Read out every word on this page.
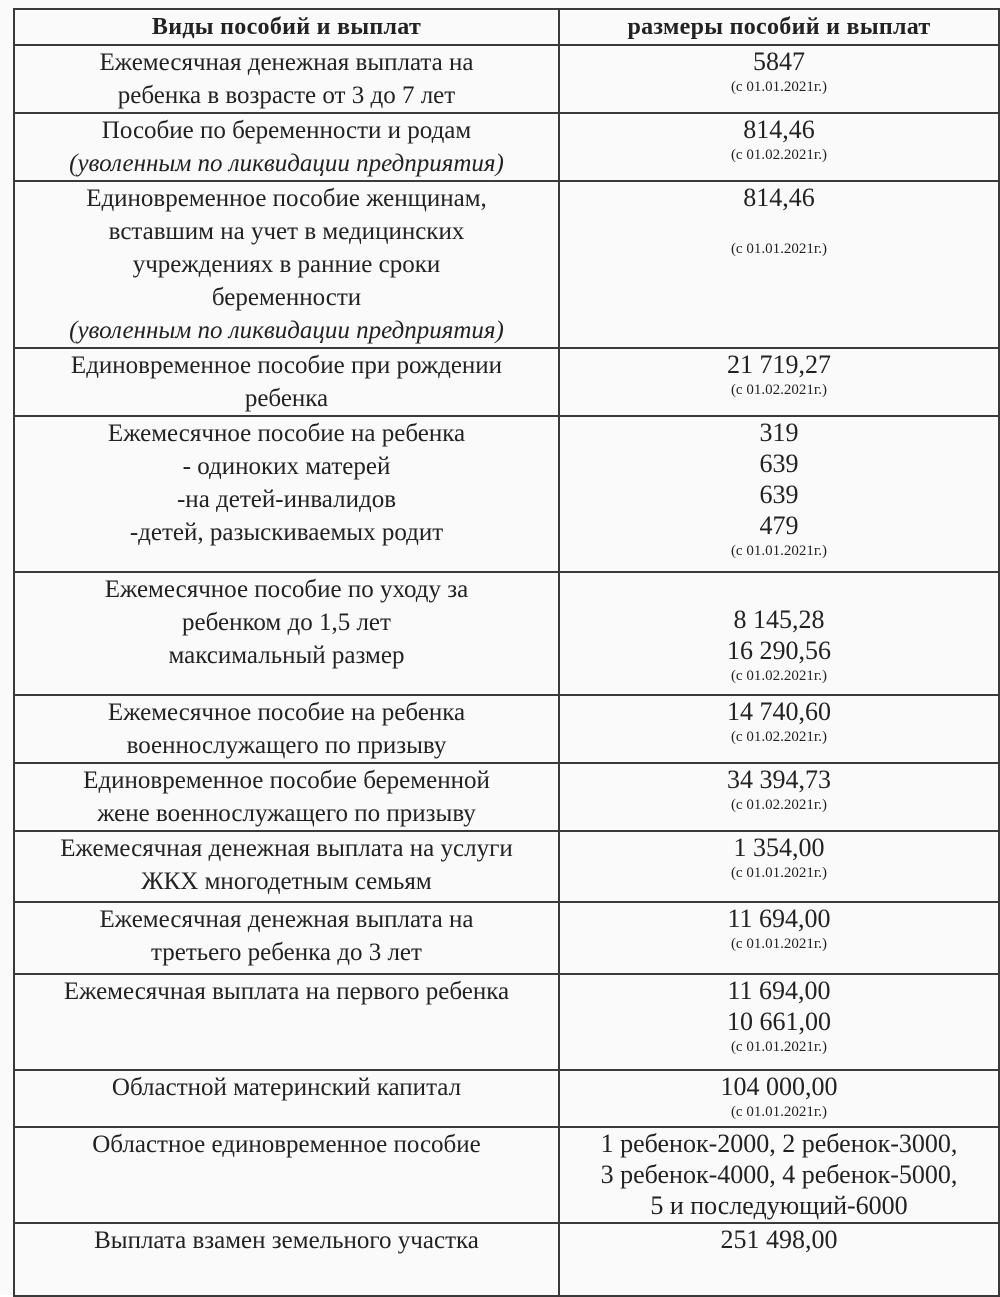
Виды пособий и выплат	размеры пособий и выплат

Ежемесячная денежная выплата на
ребенка в возрасте от 3 до 7 лет	5847
(с 01.01.2021г.)

Пособие по беременности и родам
(уволенным по ликвидации предприятия)	814,46
(с 01.02.2021г.)

Единовременное пособие женщинам,
вставшим на учет в медицинских
учреждениях в ранние сроки
беременности
(уволенным по ликвидации предприятия)	814,46

(с 01.01.2021г.)

Единовременное пособие при рождении
ребенка	21 719,27
(с 01.02.2021г.)

Ежемесячное пособие на ребенка
- одиноких матерей
-на детей-инвалидов
-детей, разыскиваемых родит	319
639
639
479
(с 01.01.2021г.)

Ежемесячное пособие по уходу за
ребенком до 1,5 лет
максимальный размер	8 145,28
16 290,56
(с 01.02.2021г.)

Ежемесячное пособие на ребенка
военнослужащего по призыву	14 740,60
(с 01.02.2021г.)

Единовременное пособие беременной
жене военнослужащего по призыву	34 394,73
(с 01.02.2021г.)

Ежемесячная денежная выплата на услуги
ЖКХ многодетным семьям	1 354,00
(с 01.01.2021г.)

Ежемесячная денежная выплата на
третьего ребенка до 3 лет	11 694,00
(с 01.01.2021г.)

Ежемесячная выплата на первого ребенка	11 694,00
10 661,00
(с 01.01.2021г.)

Областной материнский капитал	104 000,00
(с 01.01.2021г.)

Областное единовременное пособие	1 ребенок-2000, 2 ребенок-3000,
3 ребенок-4000, 4 ребенок-5000,
5 и последующий-6000

Выплата взамен земельного участка	251 498,00
